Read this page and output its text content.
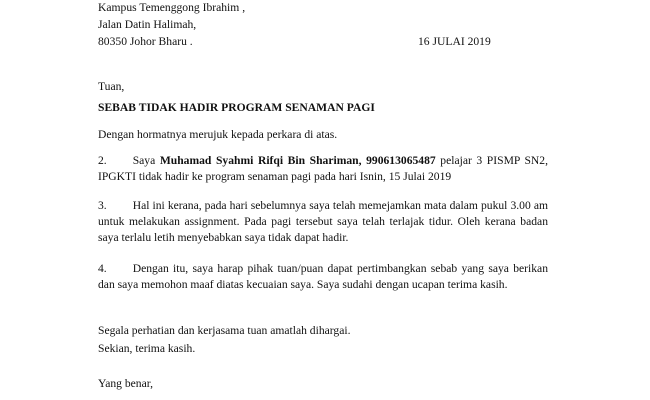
Kampus Temenggong Ibrahim ,
Jalan Datin Halimah,
80350 Johor Bharu .	16 JULAI 2019
Tuan,
SEBAB TIDAK HADIR PROGRAM SENAMAN PAGI
Dengan hormatnya merujuk kepada perkara di atas.
2. Saya Muhamad Syahmi Rifqi Bin Shariman, 990613065487 pelajar 3 PISMP SN2, IPGKTI tidak hadir ke program senaman pagi pada hari Isnin, 15 Julai 2019
3. Hal ini kerana, pada hari sebelumnya saya telah memejamkan mata dalam pukul 3.00 am untuk melakukan assignment. Pada pagi tersebut saya telah terlajak tidur. Oleh kerana badan saya terlalu letih menyebabkan saya tidak dapat hadir.
4. Dengan itu, saya harap pihak tuan/puan dapat pertimbangkan sebab yang saya berikan dan saya memohon maaf diatas kecuaian saya. Saya sudahi dengan ucapan terima kasih.
Segala perhatian dan kerjasama tuan amatlah dihargai.
Sekian, terima kasih.
Yang benar,
